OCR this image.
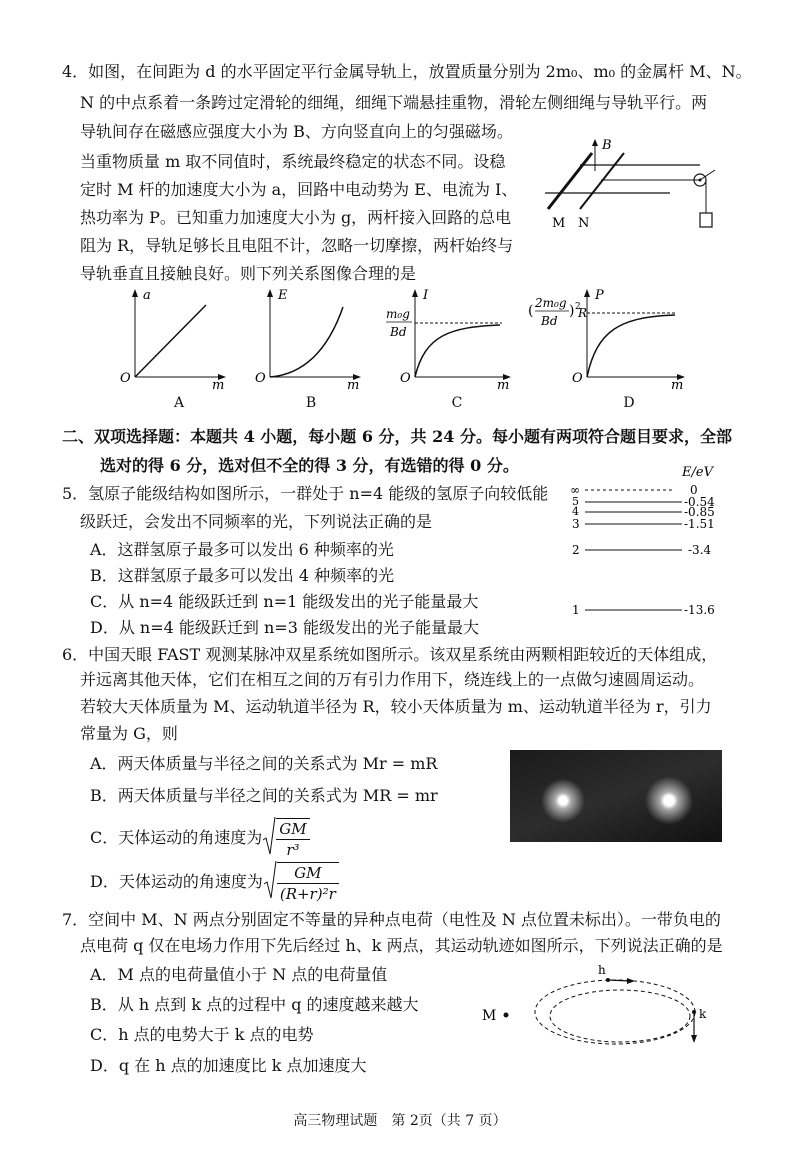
4．如图，在间距为 d 的水平固定平行金属导轨上，放置质量分别为 2m₀、m₀ 的金属杆 M、N。
N 的中点系着一条跨过定滑轮的细绳，细绳下端悬挂重物，滑轮左侧细绳与导轨平行。两
导轨间存在磁感应强度大小为 B、方向竖直向上的匀强磁场。
当重物质量 m 取不同值时，系统最终稳定的状态不同。设稳
定时 M 杆的加速度大小为 a，回路中电动势为 E、电流为 I、
热功率为 P。已知重力加速度大小为 g，两杆接入回路的总电
阻为 R，导轨足够长且电阻不计，忽略一切摩擦，两杆始终与
导轨垂直且接触良好。则下列关系图像合理的是
B
M N
a
m
O
A
E
m
O
B
I
m
O
m₀g
Bd
C
P
m
O
( 2m₀g
Bd
) 2
R
D
二、双项选择题：本题共 4 小题，每小题 6 分，共 24 分。每小题有两项符合题目要求，全部
选对的得 6 分，选对但不全的得 3 分，有选错的得 0 分。
5．氢原子能级结构如图所示，一群处于 n=4 能级的氢原子向较低能
级跃迁，会发出不同频率的光，下列说法正确的是
A．这群氢原子最多可以发出 6 种频率的光
B．这群氢原子最多可以发出 4 种频率的光
C．从 n=4 能级跃迁到 n=1 能级发出的光子能量最大
D．从 n=4 能级跃迁到 n=3 能级发出的光子能量最大
E/eV
∞	0
5	-0.54
4	-0.85
3	-1.51
2	-3.4
1	-13.6
6．中国天眼 FAST 观测某脉冲双星系统如图所示。该双星系统由两颗相距较近的天体组成，
并远离其他天体，它们在相互之间的万有引力作用下，绕连线上的一点做匀速圆周运动。
若较大天体质量为 M、运动轨道半径为 R，较小天体质量为 m、运动轨道半径为 r，引力
常量为 G，则
A．两天体质量与半径之间的关系式为 Mr = mR
B．两天体质量与半径之间的关系式为 MR = mr
C．天体运动的角速度为 $\frac{GM}{\text{r³}}$
D．天体运动的角速度为 $\frac{GM}{\text{(R+r)²r}}$
7．空间中 M、N 两点分别固定不等量的异种点电荷（电性及 N 点位置未标出）。一带负电的
点电荷 q 仅在电场力作用下先后经过 h、k 两点，其运动轨迹如图所示，下列说法正确的是
A．M 点的电荷量值小于 N 点的电荷量值
B．从 h 点到 k 点的过程中 q 的速度越来越大
C．h 点的电势大于 k 点的电势
D．q 在 h 点的加速度比 k 点加速度大
M
h
k
高三物理试题　第 2页（共 7 页）
